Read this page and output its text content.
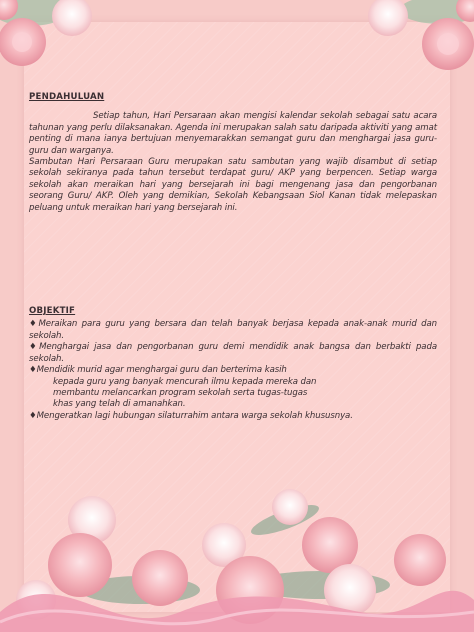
PENDAHULUAN

Setiap tahun, Hari Persaraan akan mengisi kalendar sekolah sebagai satu acara tahunan yang perlu dilaksanakan. Agenda ini merupakan salah satu daripada aktiviti yang amat penting di mana ianya bertujuan menyemarakkan semangat guru dan menghargai jasa guru-guru dan warganya.

Sambutan Hari Persaraan Guru merupakan satu sambutan yang wajib disambut di setiap sekolah sekiranya pada tahun tersebut terdapat guru/ AKP yang berpencen. Setiap warga sekolah akan meraikan hari yang bersejarah ini bagi mengenang jasa dan pengorbanan seorang Guru/ AKP. Oleh yang demikian, Sekolah Kebangsaan Siol Kanan tidak melepaskan peluang untuk meraikan hari yang bersejarah ini.

OBJEKTIF
♦Meraikan para guru yang bersara dan telah banyak berjasa kepada anak-anak murid dan sekolah.
♦Menghargai jasa dan pengorbanan guru demi mendidik anak bangsa dan berbakti pada sekolah.
♦Mendidik murid agar menghargai guru dan berterima kasih
kepada guru yang banyak mencurah ilmu kepada mereka dan
membantu melancarkan program sekolah serta tugas-tugas
khas yang telah di amanahkan.
♦Mengeratkan lagi hubungan silaturrahim antara warga sekolah khususnya.
